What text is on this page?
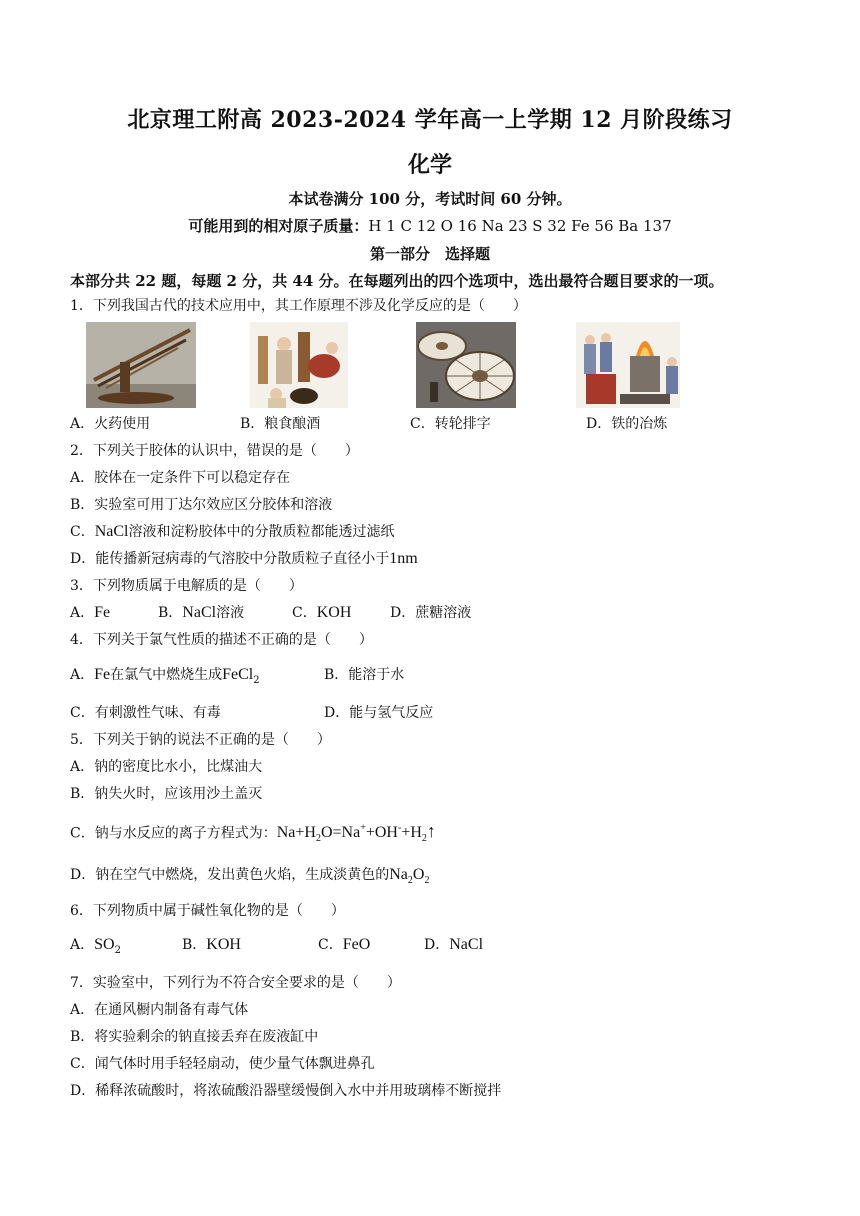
北京理工附高 2023-2024 学年高一上学期 12 月阶段练习
化学
本试卷满分 100 分，考试时间 60 分钟。
可能用到的相对原子质量：H 1 C 12 O 16 Na 23 S 32 Fe 56 Ba 137
第一部分　选择题
本部分共 22 题，每题 2 分，共 44 分。在每题列出的四个选项中，选出最符合题目要求的一项。
1．下列我国古代的技术应用中，其工作原理不涉及化学反应的是（　　）
A．火药使用	B．粮食酿酒	C．转轮排字	D．铁的冶炼
2．下列关于胶体的认识中，错误的是（　　）
A．胶体在一定条件下可以稳定存在
B．实验室可用丁达尔效应区分胶体和溶液
C．NaCl溶液和淀粉胶体中的分散质粒都能透过滤纸
D．能传播新冠病毒的气溶胶中分散质粒子直径小于1nm
3．下列物质属于电解质的是（　　）
A．Fe	B．NaCl溶液	C．KOH	D．蔗糖溶液
4．下列关于氯气性质的描述不正确的是（　　）
A．Fe在氯气中燃烧生成FeCl$_2$	B．能溶于水
C．有刺激性气味、有毒	D．能与氢气反应
5．下列关于钠的说法不正确的是（　　）
A．钠的密度比水小，比煤油大
B．钠失火时，应该用沙土盖灭
C．钠与水反应的离子方程式为：$Na+H_2O=Na^++OH^-+H_2↑$
D．钠在空气中燃烧，发出黄色火焰，生成淡黄色的$Na_2O_2$
6．下列物质中属于碱性氧化物的是（　　）
A．$SO_2$	B．KOH	C．FeO	D．NaCl
7．实验室中，下列行为不符合安全要求的是（　　）
A．在通风橱内制备有毒气体
B．将实验剩余的钠直接丢弃在废液缸中
C．闻气体时用手轻轻扇动，使少量气体飘进鼻孔
D．稀释浓硫酸时，将浓硫酸沿器壁缓慢倒入水中并用玻璃棒不断搅拌
